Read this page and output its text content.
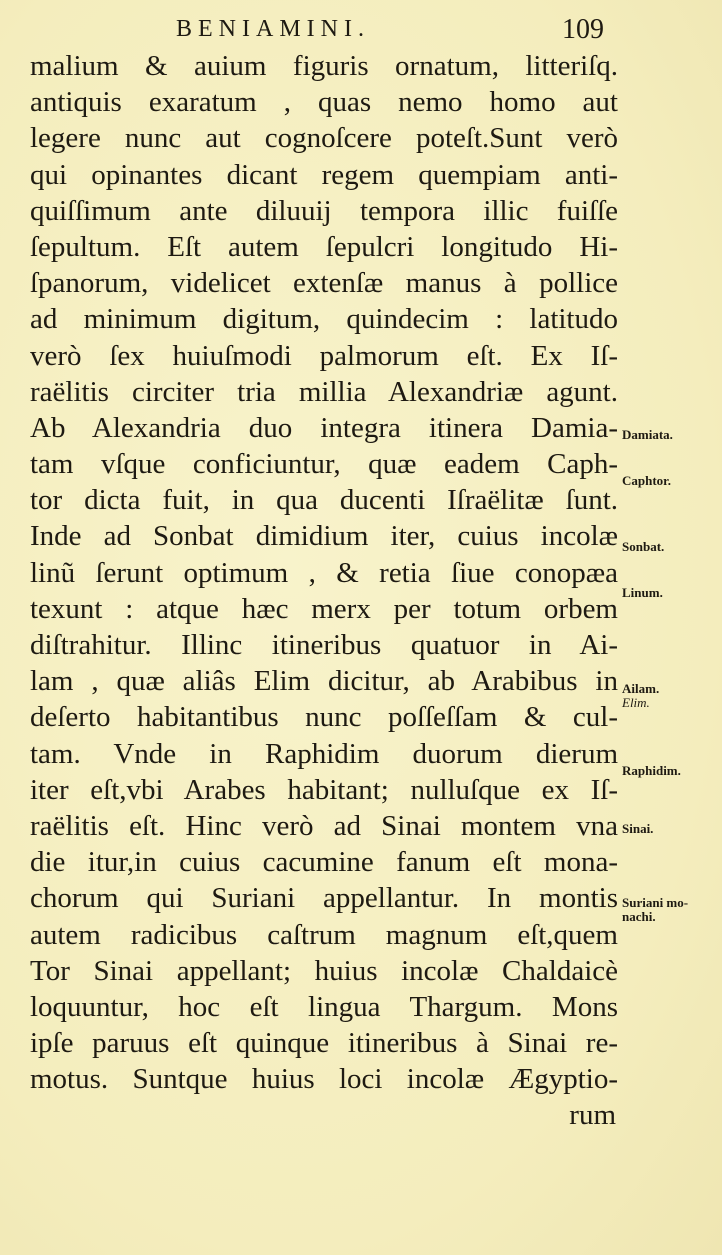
BENIAMINI.	109
malium & auium figuris ornatum, litteriſq.
antiquis exaratum , quas nemo homo aut
legere nunc aut cognoſcere poteſt.Sunt verò
qui opinantes dicant regem quempiam anti-
quiſſimum ante diluuij tempora illic fuiſſe
ſepultum. Eſt autem ſepulcri longitudo Hi-
ſpanorum, videlicet extenſæ manus à pollice
ad minimum digitum, quindecim : latitudo
verò ſex huiuſmodi palmorum eſt. Ex Iſ-
raëlitis circiter tria millia Alexandriæ agunt.
Ab Alexandria duo integra itinera Damia-
tam vſque conficiuntur, quæ eadem Caph-
tor dicta fuit, in qua ducenti Iſraëlitæ ſunt.
Inde ad Sonbat dimidium iter, cuius incolæ
linũ ſerunt optimum , & retia ſiue conopæa
texunt : atque hæc merx per totum orbem
diſtrahitur. Illinc itineribus quatuor in Ai-
lam , quæ aliâs Elim dicitur, ab Arabibus in
deſerto habitantibus nunc poſſeſſam & cul-
tam. Vnde in Raphidim duorum dierum
iter eſt,vbi Arabes habitant; nulluſque ex Iſ-
raëlitis eſt. Hinc verò ad Sinai montem vna
die itur,in cuius cacumine fanum eſt mona-
chorum qui Suriani appellantur. In montis
autem radicibus caſtrum magnum eſt,quem
Tor Sinai appellant; huius incolæ Chaldaicè
loquuntur, hoc eſt lingua Thargum. Mons
ipſe paruus eſt quinque itineribus à Sinai re-
motus. Suntque huius loci incolæ Ægyptio-
rum
Damiata.
Caphtor.
Sonbat.
Linum.
Ailam.
Elim.
Raphidim.
Sinai.
Suriani mo-
nachi.
